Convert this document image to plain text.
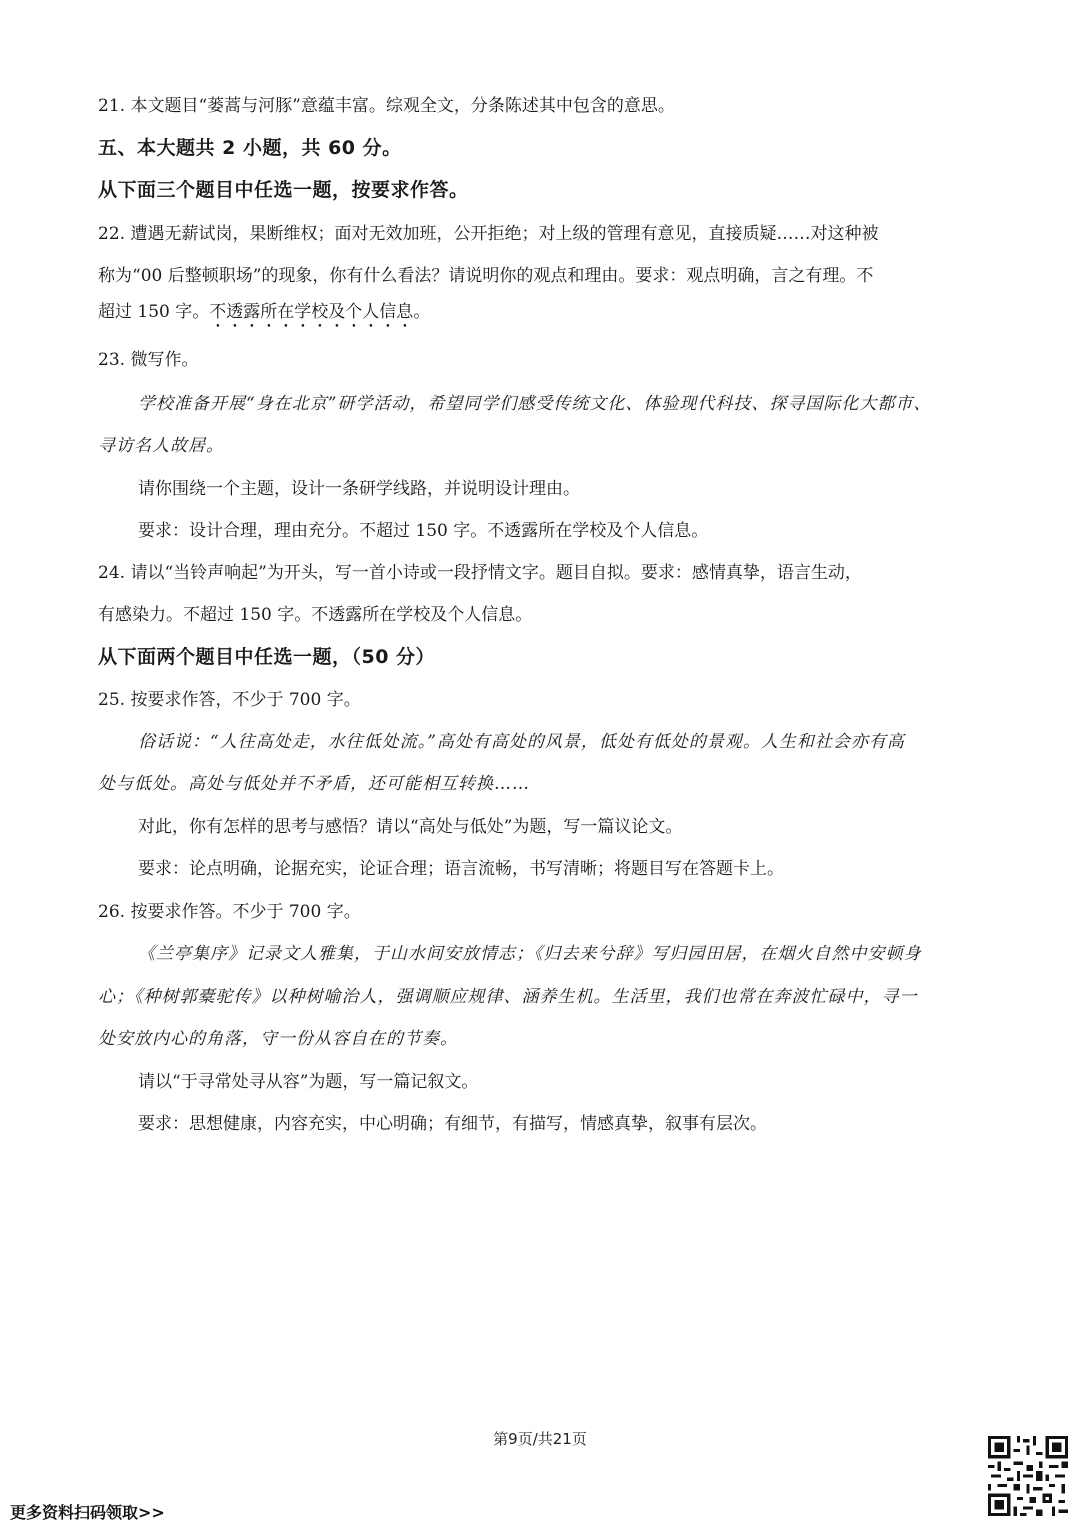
21. 本文题目“蒌蒿与河豚”意蕴丰富。综观全文，分条陈述其中包含的意思。
五、本大题共 2 小题，共 60 分。
从下面三个题目中任选一题，按要求作答。
22. 遭遇无薪试岗，果断维权；面对无效加班，公开拒绝；对上级的管理有意见，直接质疑……对这种被
称为“00 后整顿职场”的现象，你有什么看法？请说明你的观点和理由。要求：观点明确，言之有理。不
超过 150 字。不透露所在学校及个人信息。
23. 微写作。
学校准备开展“身在北京”研学活动，希望同学们感受传统文化、体验现代科技、探寻国际化大都市、
寻访名人故居。
请你围绕一个主题，设计一条研学线路，并说明设计理由。
要求：设计合理，理由充分。不超过 150 字。不透露所在学校及个人信息。
24. 请以“当铃声响起”为开头，写一首小诗或一段抒情文字。题目自拟。要求：感情真挚，语言生动，
有感染力。不超过 150 字。不透露所在学校及个人信息。
从下面两个题目中任选一题，（50 分）
25. 按要求作答，不少于 700 字。
俗话说：“人往高处走，水往低处流。”高处有高处的风景，低处有低处的景观。人生和社会亦有高
处与低处。高处与低处并不矛盾，还可能相互转换……
对此，你有怎样的思考与感悟？请以“高处与低处”为题，写一篇议论文。
要求：论点明确，论据充实，论证合理；语言流畅，书写清晰；将题目写在答题卡上。
26. 按要求作答。不少于 700 字。
《兰亭集序》记录文人雅集，于山水间安放情志；《归去来兮辞》写归园田居，在烟火自然中安顿身
心；《种树郭橐驼传》以种树喻治人，强调顺应规律、涵养生机。生活里，我们也常在奔波忙碌中，寻一
处安放内心的角落，守一份从容自在的节奏。
请以“于寻常处寻从容”为题，写一篇记叙文。
要求：思想健康，内容充实，中心明确；有细节，有描写，情感真挚，叙事有层次。
第9页/共21页
更多资料扫码领取>>
